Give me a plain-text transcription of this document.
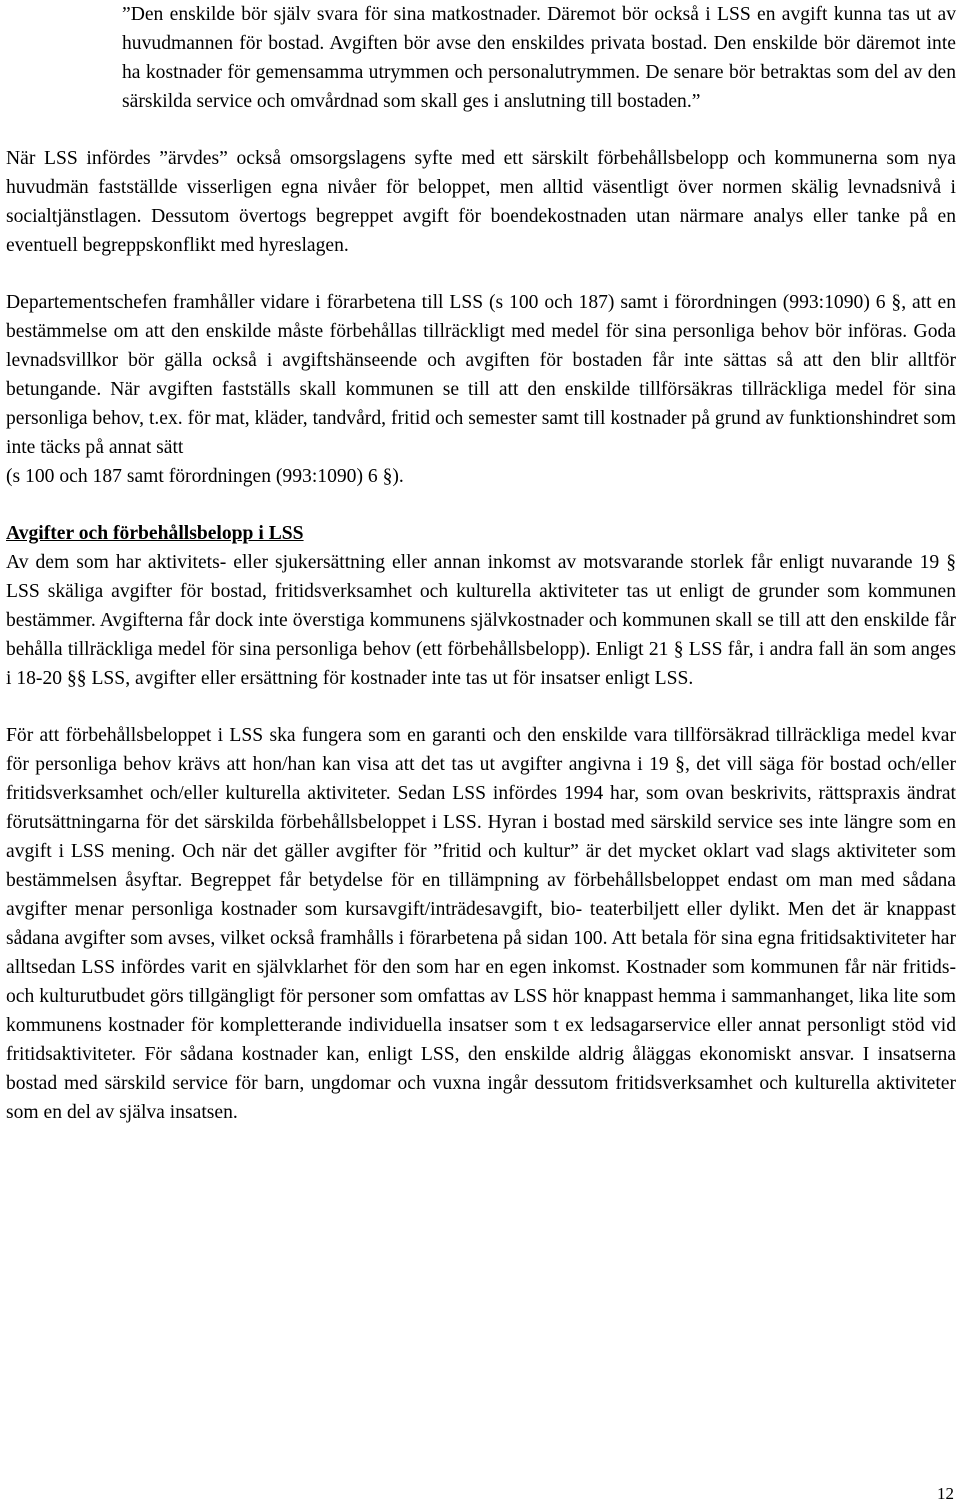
”Den enskilde bör själv svara för sina matkostnader. Däremot bör också i LSS en avgift kunna tas ut av huvudmannen för bostad. Avgiften bör avse den enskildes privata bostad. Den enskilde bör däremot inte ha kostnader för gemensamma utrymmen och personalutrymmen. De senare bör betraktas som del av den särskilda service och omvårdnad som skall ges i anslutning till bostaden.”

När LSS infördes ”ärvdes” också omsorgslagens syfte med ett särskilt förbehållsbelopp och kommunerna som nya huvudmän fastställde visserligen egna nivåer för beloppet, men alltid väsentligt över normen skälig levnadsnivå i socialtjänstlagen. Dessutom övertogs begreppet avgift för boendekostnaden utan närmare analys eller tanke på en eventuell begreppskonflikt med hyreslagen.

Departementschefen framhåller vidare i förarbetena till LSS (s 100 och 187) samt i förordningen (993:1090) 6 §, att en bestämmelse om att den enskilde måste förbehållas tillräckligt med medel för sina personliga behov bör införas. Goda levnadsvillkor bör gälla också i avgiftshänseende och avgiften för bostaden får inte sättas så att den blir alltför betungande. När avgiften fastställs skall kommunen se till att den enskilde tillförsäkras tillräckliga medel för sina personliga behov, t.ex. för mat, kläder, tandvård, fritid och semester samt till kostnader på grund av funktionshindret som inte täcks på annat sätt

(s 100 och 187 samt förordningen (993:1090) 6 §).

Avgifter och förbehållsbelopp i LSS

Av dem som har aktivitets- eller sjukersättning eller annan inkomst av motsvarande storlek får enligt nuvarande 19 § LSS skäliga avgifter för bostad, fritidsverksamhet och kulturella aktiviteter tas ut enligt de grunder som kommunen bestämmer. Avgifterna får dock inte överstiga kommunens självkostnader och kommunen skall se till att den enskilde får behålla tillräckliga medel för sina personliga behov (ett förbehållsbelopp). Enligt 21 § LSS får, i andra fall än som anges i 18-20 §§ LSS, avgifter eller ersättning för kostnader inte tas ut för insatser enligt LSS.

För att förbehållsbeloppet i LSS ska fungera som en garanti och den enskilde vara tillförsäkrad tillräckliga medel kvar för personliga behov krävs att hon/han kan visa att det tas ut avgifter angivna i 19 §, det vill säga för bostad och/eller fritidsverksamhet och/eller kulturella aktiviteter. Sedan LSS infördes 1994 har, som ovan beskrivits, rättspraxis ändrat förutsättningarna för det särskilda förbehållsbeloppet i LSS. Hyran i bostad med särskild service ses inte längre som en avgift i LSS mening. Och när det gäller avgifter för ”fritid och kultur” är det mycket oklart vad slags aktiviteter som bestämmelsen åsyftar. Begreppet får betydelse för en tillämpning av förbehållsbeloppet endast om man med sådana avgifter menar personliga kostnader som kursavgift/inträdesavgift, bio- teaterbiljett eller dylikt. Men det är knappast sådana avgifter som avses, vilket också framhålls i förarbetena på sidan 100. Att betala för sina egna fritidsaktiviteter har alltsedan LSS infördes varit en självklarhet för den som har en egen inkomst. Kostnader som kommunen får när fritids- och kulturutbudet görs tillgängligt för personer som omfattas av LSS hör knappast hemma i sammanhanget, lika lite som kommunens kostnader för kompletterande individuella insatser som t ex ledsagarservice eller annat personligt stöd vid fritidsaktiviteter. För sådana kostnader kan, enligt LSS, den enskilde aldrig åläggas ekonomiskt ansvar. I insatserna bostad med särskild service för barn, ungdomar och vuxna ingår dessutom fritidsverksamhet och kulturella aktiviteter som en del av själva insatsen.

12
